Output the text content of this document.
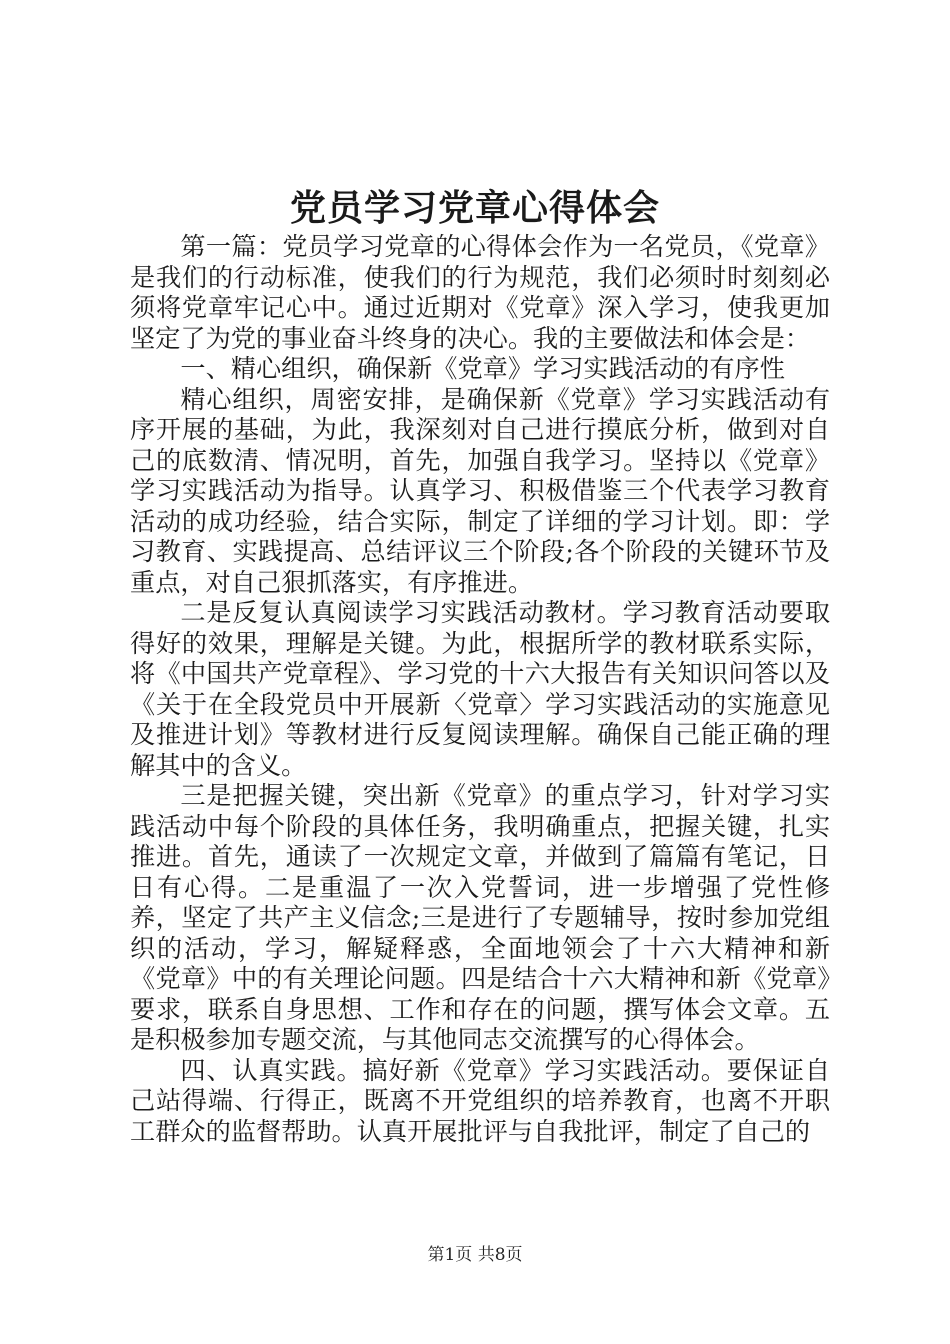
党员学习党章心得体会

第一篇：党员学习党章的心得体会作为一名党员，《党章》是我们的行动标准，使我们的行为规范，我们必须时时刻刻必须将党章牢记心中。通过近期对《党章》深入学习，使我更加坚定了为党的事业奋斗终身的决心。我的主要做法和体会是：

一、精心组织，确保新《党章》学习实践活动的有序性

精心组织，周密安排，是确保新《党章》学习实践活动有序开展的基础，为此，我深刻对自己进行摸底分析，做到对自己的底数清、情况明，首先，加强自我学习。坚持以《党章》学习实践活动为指导。认真学习、积极借鉴三个代表学习教育活动的成功经验，结合实际，制定了详细的学习计划。即：学习教育、实践提高、总结评议三个阶段;各个阶段的关键环节及重点，对自己狠抓落实，有序推进。

二是反复认真阅读学习实践活动教材。学习教育活动要取得好的效果，理解是关键。为此，根据所学的教材联系实际，将《中国共产党章程》、学习党的十六大报告有关知识问答以及《关于在全段党员中开展新〈党章〉学习实践活动的实施意见及推进计划》等教材进行反复阅读理解。确保自己能正确的理解其中的含义。

三是把握关键，突出新《党章》的重点学习，针对学习实践活动中每个阶段的具体任务，我明确重点，把握关键，扎实推进。首先，通读了一次规定文章，并做到了篇篇有笔记，日日有心得。二是重温了一次入党誓词，进一步增强了党性修养，坚定了共产主义信念;三是进行了专题辅导，按时参加党组织的活动，学习，解疑释惑，全面地领会了十六大精神和新《党章》中的有关理论问题。四是结合十六大精神和新《党章》要求，联系自身思想、工作和存在的问题，撰写体会文章。五是积极参加专题交流，与其他同志交流撰写的心得体会。

四、认真实践。搞好新《党章》学习实践活动。要保证自己站得端、行得正，既离不开党组织的培养教育，也离不开职工群众的监督帮助。认真开展批评与自我批评，制定了自己的

第1页 共8页
